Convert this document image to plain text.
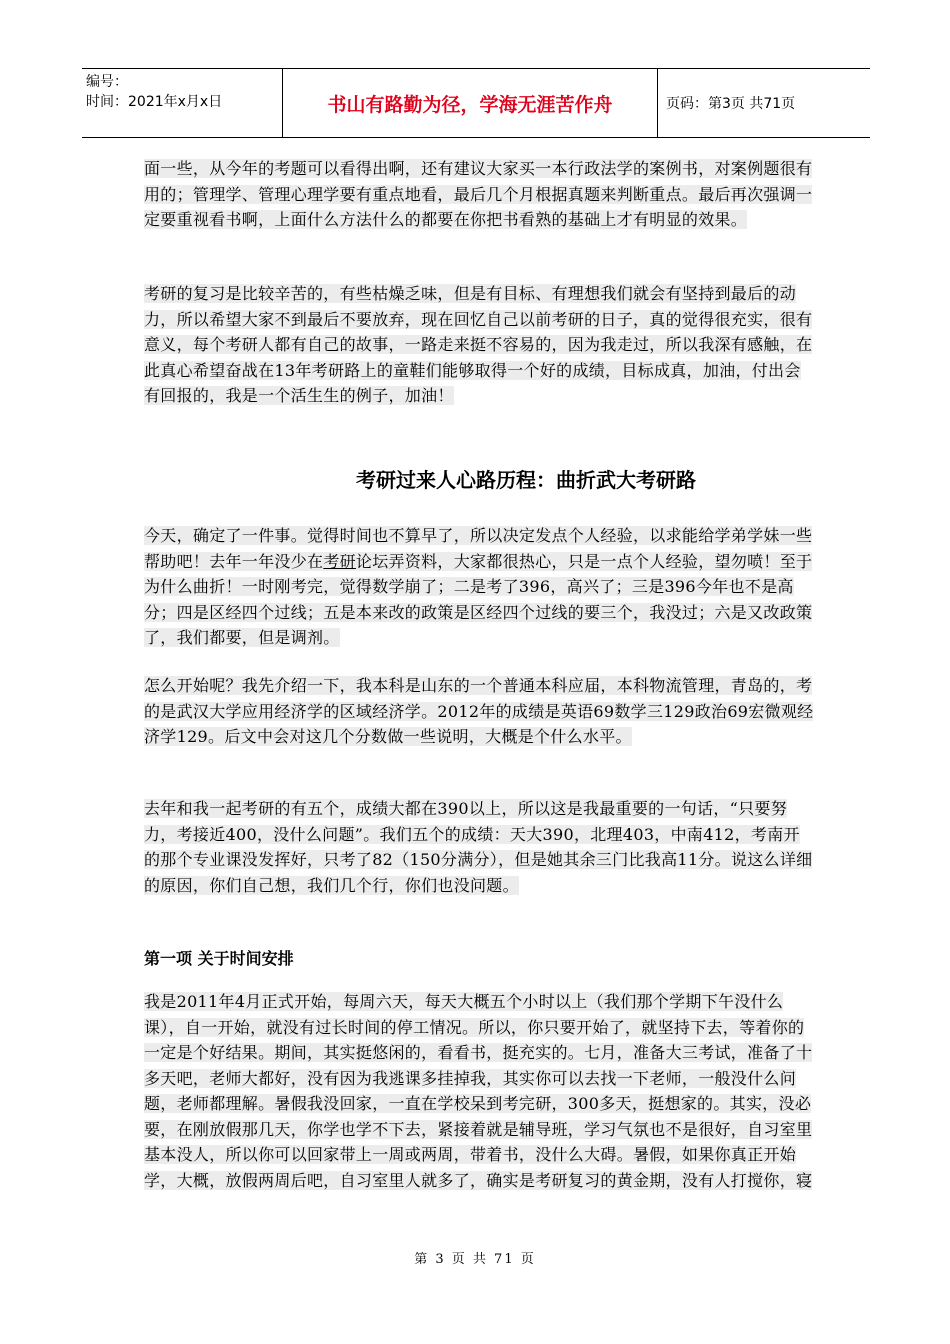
编号：
时间：2021年x月x日	书山有路勤为径，学海无涯苦作舟	页码：第3页 共71页

面一些，从今年的考题可以看得出啊，还有建议大家买一本行政法学的案例书，对案例题很有用的；管理学、管理心理学要有重点地看，最后几个月根据真题来判断重点。最后再次强调一定要重视看书啊，上面什么方法什么的都要在你把书看熟的基础上才有明显的效果。

考研的复习是比较辛苦的，有些枯燥乏味，但是有目标、有理想我们就会有坚持到最后的动力，所以希望大家不到最后不要放弃，现在回忆自己以前考研的日子，真的觉得很充实，很有意义，每个考研人都有自己的故事，一路走来挺不容易的，因为我走过，所以我深有感触，在此真心希望奋战在13年考研路上的童鞋们能够取得一个好的成绩，目标成真，加油，付出会有回报的，我是一个活生生的例子，加油！

考研过来人心路历程：曲折武大考研路

今天，确定了一件事。觉得时间也不算早了，所以决定发点个人经验，以求能给学弟学妹一些帮助吧！去年一年没少在考研论坛弄资料，大家都很热心，只是一点个人经验，望勿喷！至于为什么曲折！一时刚考完，觉得数学崩了；二是考了396，高兴了；三是396今年也不是高分；四是区经四个过线；五是本来改的政策是区经四个过线的要三个，我没过；六是又改政策了，我们都要，但是调剂。

怎么开始呢？我先介绍一下，我本科是山东的一个普通本科应届，本科物流管理，青岛的，考的是武汉大学应用经济学的区域经济学。2012年的成绩是英语69数学三129政治69宏微观经济学129。后文中会对这几个分数做一些说明，大概是个什么水平。

去年和我一起考研的有五个，成绩大都在390以上，所以这是我最重要的一句话，“只要努力，考接近400，没什么问题”。我们五个的成绩：天大390，北理403，中南412，考南开的那个专业课没发挥好，只考了82（150分满分），但是她其余三门比我高11分。说这么详细的原因，你们自己想，我们几个行，你们也没问题。

第一项 关于时间安排

我是2011年4月正式开始，每周六天，每天大概五个小时以上（我们那个学期下午没什么课），自一开始，就没有过长时间的停工情况。所以，你只要开始了，就坚持下去，等着你的一定是个好结果。期间，其实挺悠闲的，看看书，挺充实的。七月，准备大三考试，准备了十多天吧，老师大都好，没有因为我逃课多挂掉我，其实你可以去找一下老师，一般没什么问题，老师都理解。暑假我没回家，一直在学校呆到考完研，300多天，挺想家的。其实，没必要，在刚放假那几天，你学也学不下去，紧接着就是辅导班，学习气氛也不是很好，自习室里基本没人，所以你可以回家带上一周或两周，带着书，没什么大碍。暑假，如果你真正开始学，大概，放假两周后吧，自习室里人就多了，确实是考研复习的黄金期，没有人打搅你，寝

第 3 页 共 71 页
